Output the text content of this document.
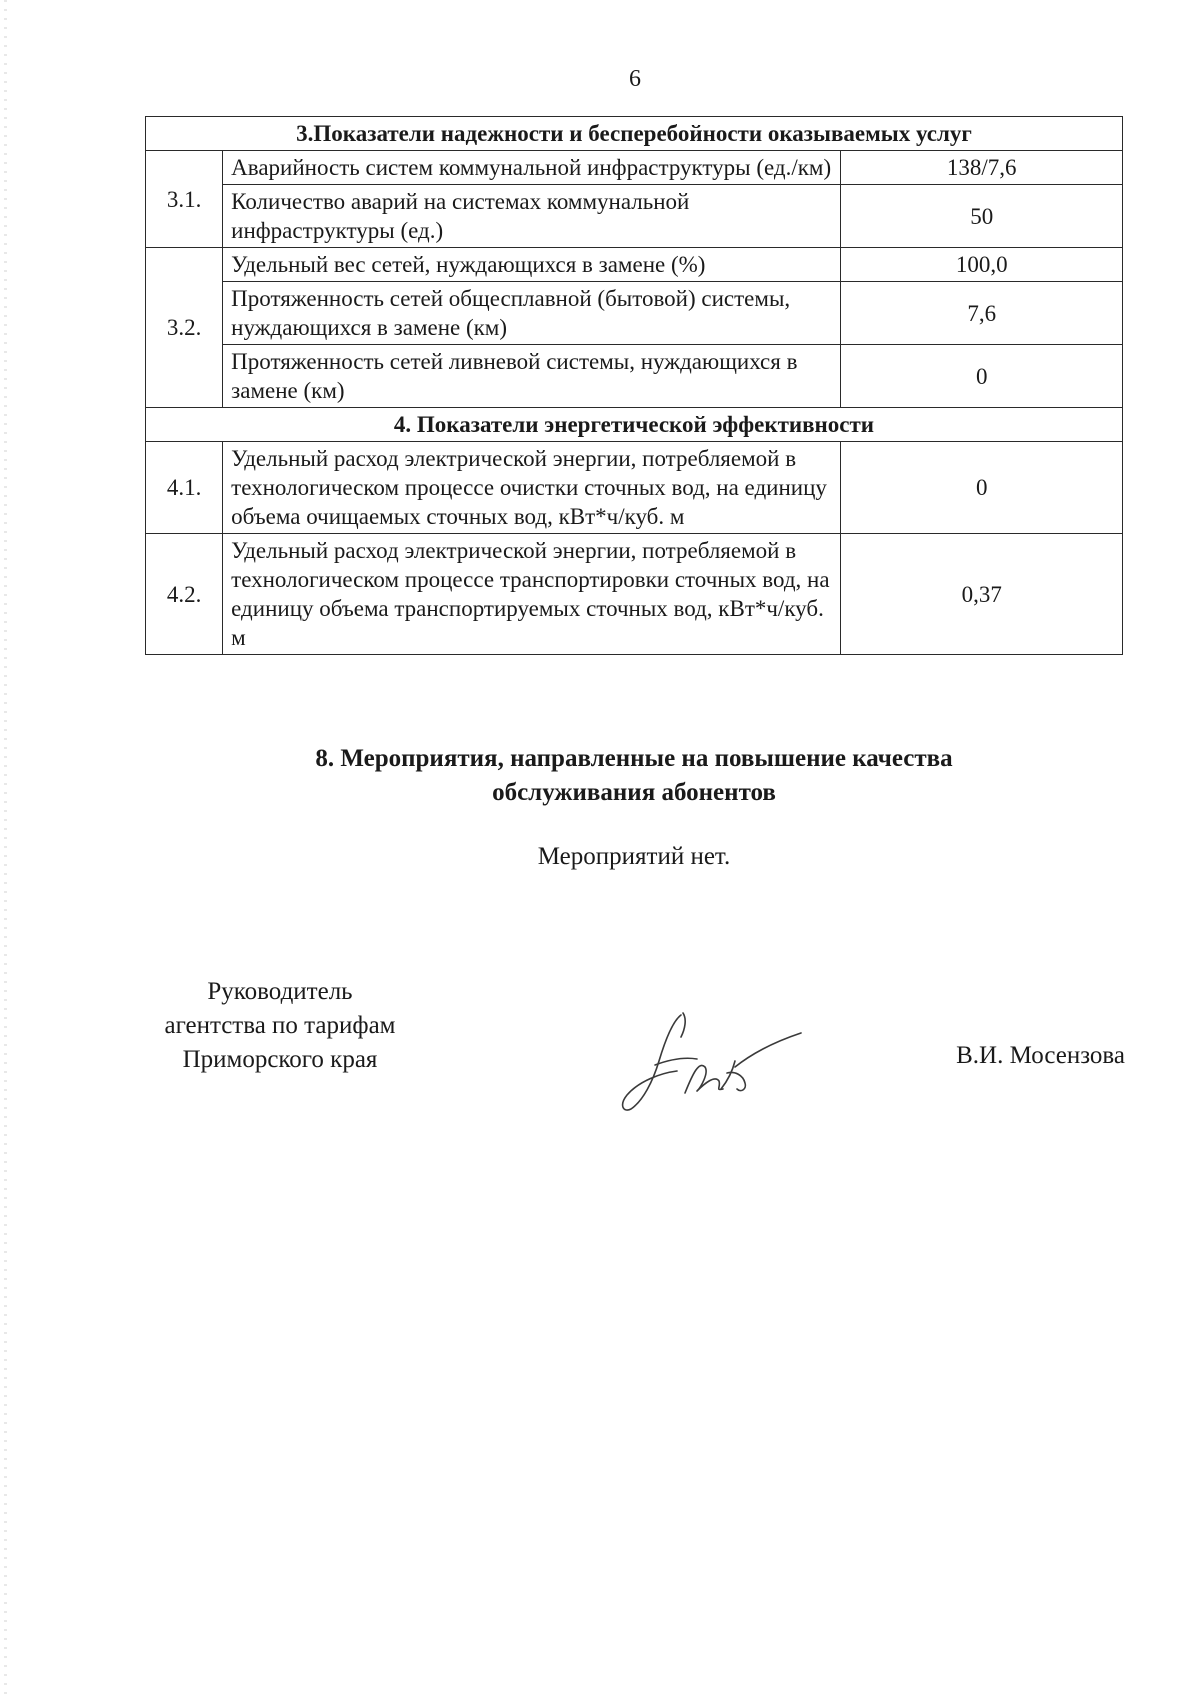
6
3.Показатели надежности и бесперебойности оказываемых услуг		
3.1.	Аварийность систем коммунальной инфраструктуры (ед./км)	138/7,6
	Количество аварий на системах коммунальной инфраструктуры (ед.)	50
3.2.	Удельный вес сетей, нуждающихся в замене (%)	100,0
	Протяженность сетей общесплавной (бытовой) системы, нуждающихся в замене (км)	7,6
	Протяженность сетей ливневой системы, нуждающихся в замене (км)	0
4. Показатели энергетической эффективности		
4.1.	Удельный расход электрической энергии, потребляемой в технологическом процессе очистки сточных вод, на единицу объема очищаемых сточных вод, кВт*ч/куб. м	0
4.2.	Удельный расход электрической энергии, потребляемой в технологическом процессе транспортировки сточных вод, на единицу объема транспортируемых сточных вод, кВт*ч/куб. м	0,37
8. Мероприятия, направленные на повышение качества
обслуживания абонентов
Мероприятий нет.
Руководитель
агентства по тарифам
Приморского края	В.И. Мосензова
